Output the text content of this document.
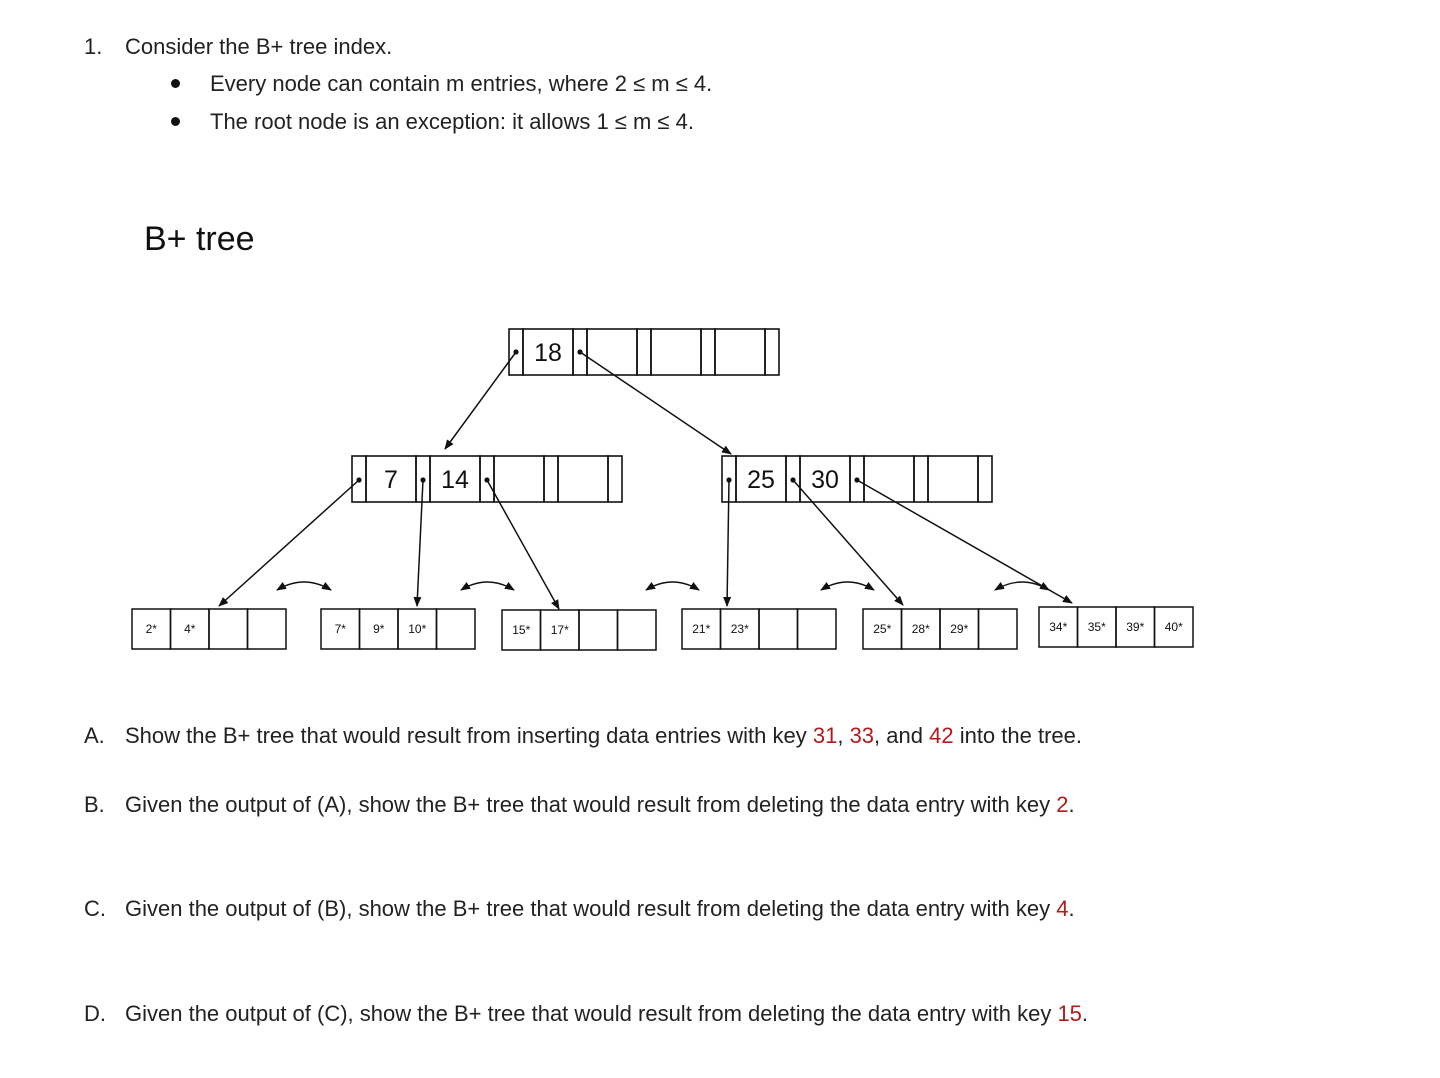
1. Consider the B+ tree index.
Every node can contain m entries, where 2 ≤ m ≤ 4.
The root node is an exception: it allows 1 ≤ m ≤ 4.
B+ tree
18
7 14	25 30
2* 4*	7* 9* 10*	15* 17*	21* 23*	25* 28* 29*	34* 35* 39* 40*
A. Show the B+ tree that would result from inserting data entries with key 31, 33, and 42 into the tree.
B. Given the output of (A), show the B+ tree that would result from deleting the data entry with key 2.
C. Given the output of (B), show the B+ tree that would result from deleting the data entry with key 4.
D. Given the output of (C), show the B+ tree that would result from deleting the data entry with key 15.
